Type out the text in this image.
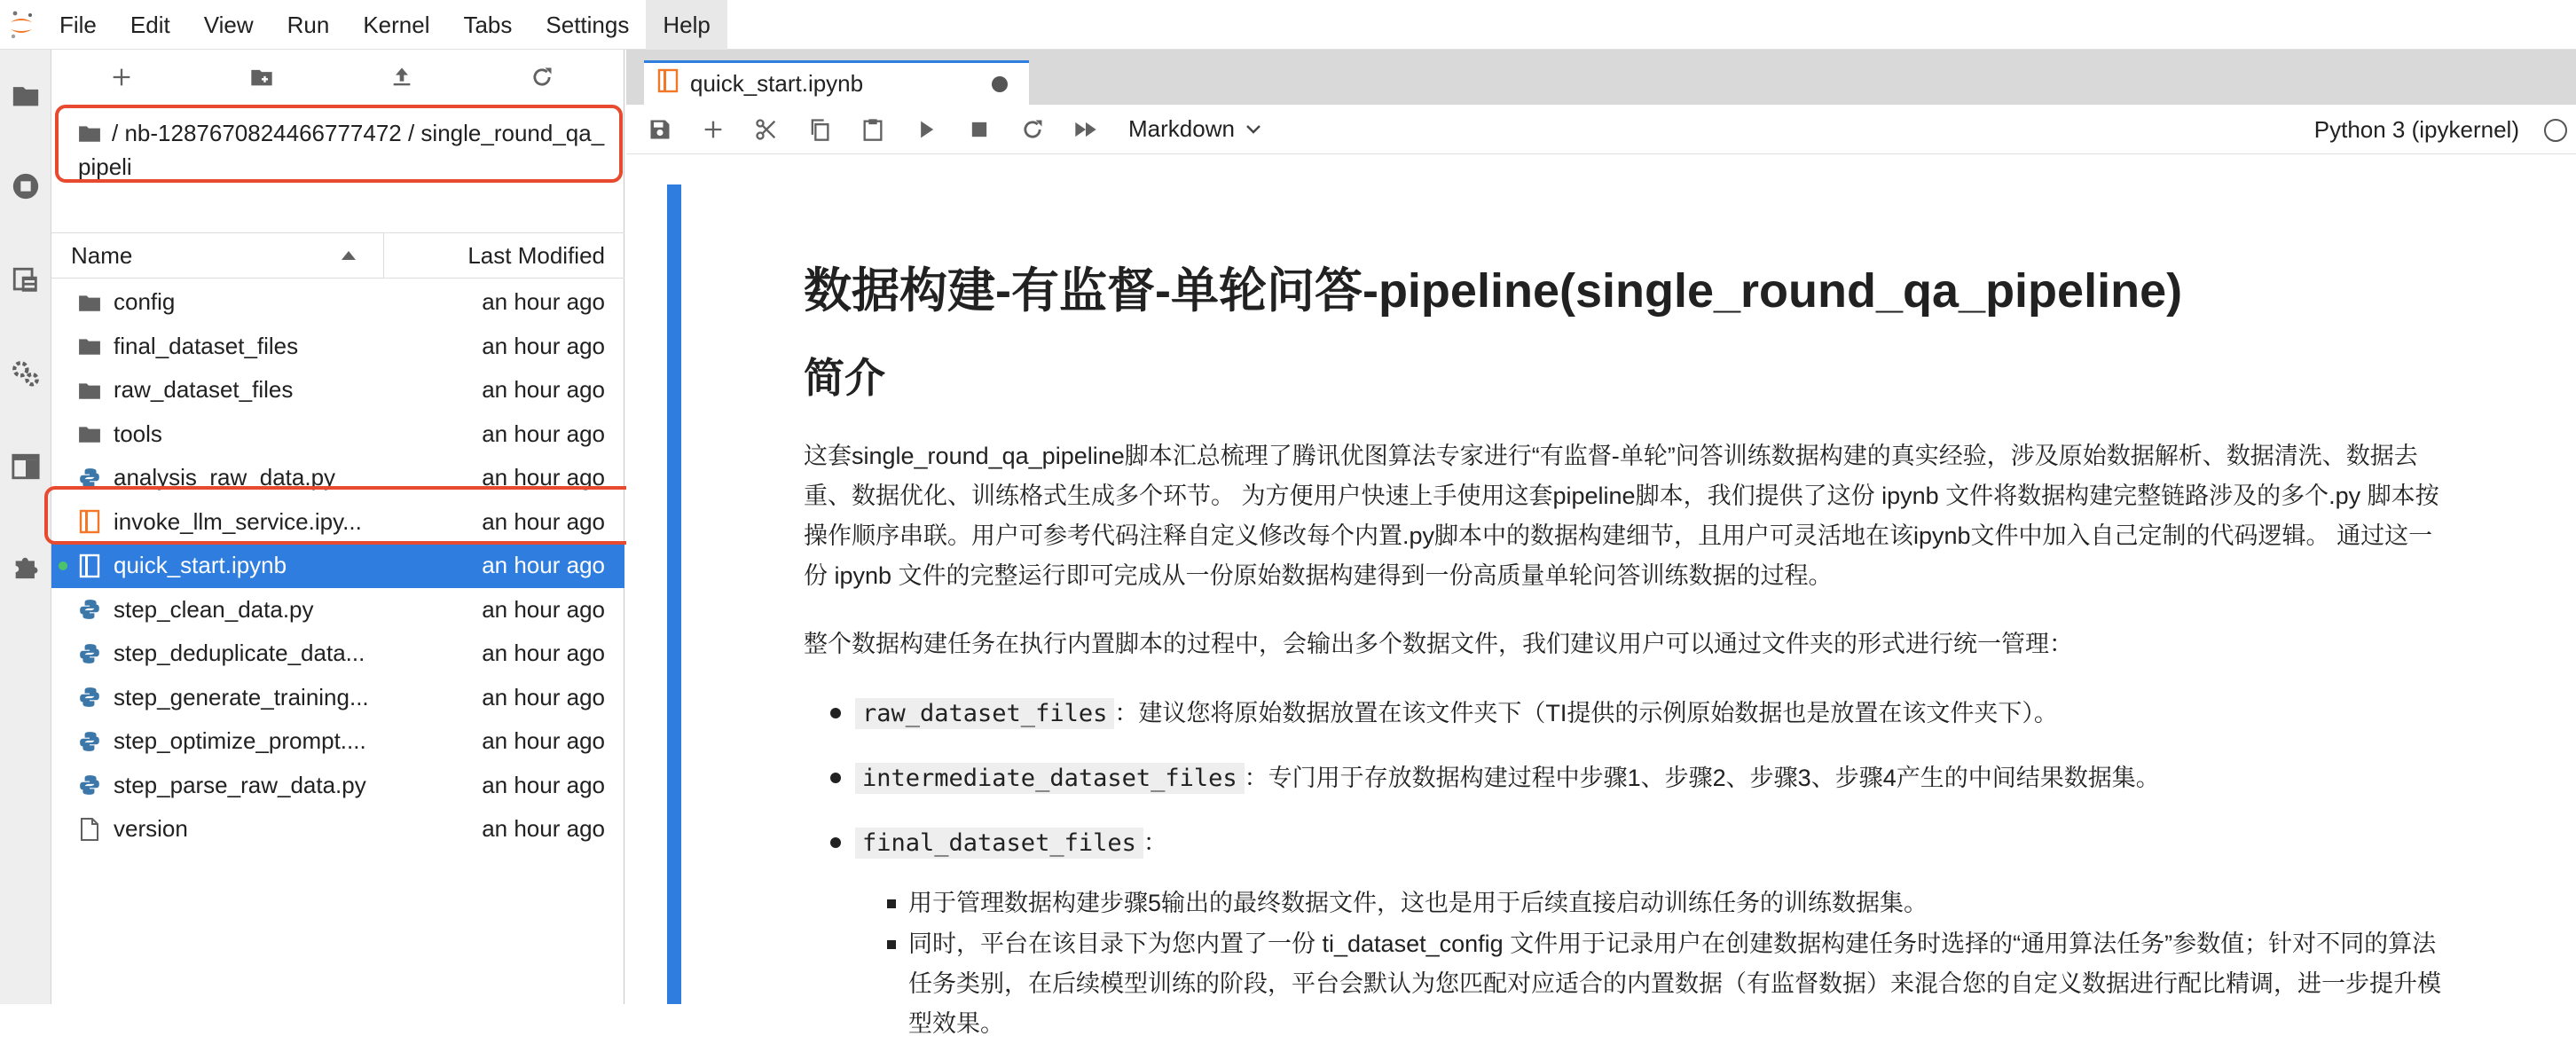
File	Edit	View	Run	Kernel	Tabs	Settings	Help
/ nb-1287670824466777472 / single_round_qa_pipeli
Name	Last Modified
config	an hour ago
final_dataset_files	an hour ago
raw_dataset_files	an hour ago
tools	an hour ago
analysis_raw_data.py	an hour ago
invoke_llm_service.ipy...	an hour ago
quick_start.ipynb	an hour ago
step_clean_data.py	an hour ago
step_deduplicate_data...	an hour ago
step_generate_training...	an hour ago
step_optimize_prompt....	an hour ago
step_parse_raw_data.py	an hour ago
version	an hour ago
quick_start.ipynb
Markdown	Python 3 (ipykernel)
数据构建-有监督-单轮问答-pipeline(single_round_qa_pipeline)
简介
这套single_round_qa_pipeline脚本汇总梳理了腾讯优图算法专家进行“有监督-单轮”问答训练数据构建的真实经验，涉及原始数据解析、数据清洗、数据去
重、数据优化、训练格式生成多个环节。 为方便用户快速上手使用这套pipeline脚本，我们提供了这份 ipynb 文件将数据构建完整链路涉及的多个.py 脚本按
操作顺序串联。用户可参考代码注释自定义修改每个内置.py脚本中的数据构建细节，且用户可灵活地在该ipynb文件中加入自己定制的代码逻辑。 通过这一
份 ipynb 文件的完整运行即可完成从一份原始数据构建得到一份高质量单轮问答训练数据的过程。
整个数据构建任务在执行内置脚本的过程中，会输出多个数据文件，我们建议用户可以通过文件夹的形式进行统一管理：
raw_dataset_files ：建议您将原始数据放置在该文件夹下（TI提供的示例原始数据也是放置在该文件夹下）。
intermediate_dataset_files ：专门用于存放数据构建过程中步骤1、步骤2、步骤3、步骤4产生的中间结果数据集。
final_dataset_files ：
用于管理数据构建步骤5输出的最终数据文件，这也是用于后续直接启动训练任务的训练数据集。
同时，平台在该目录下为您内置了一份 ti_dataset_config 文件用于记录用户在创建数据构建任务时选择的“通用算法任务”参数值；针对不同的算法
任务类别，在后续模型训练的阶段，平台会默认为您匹配对应适合的内置数据（有监督数据）来混合您的自定义数据进行配比精调，进一步提升模
型效果。
